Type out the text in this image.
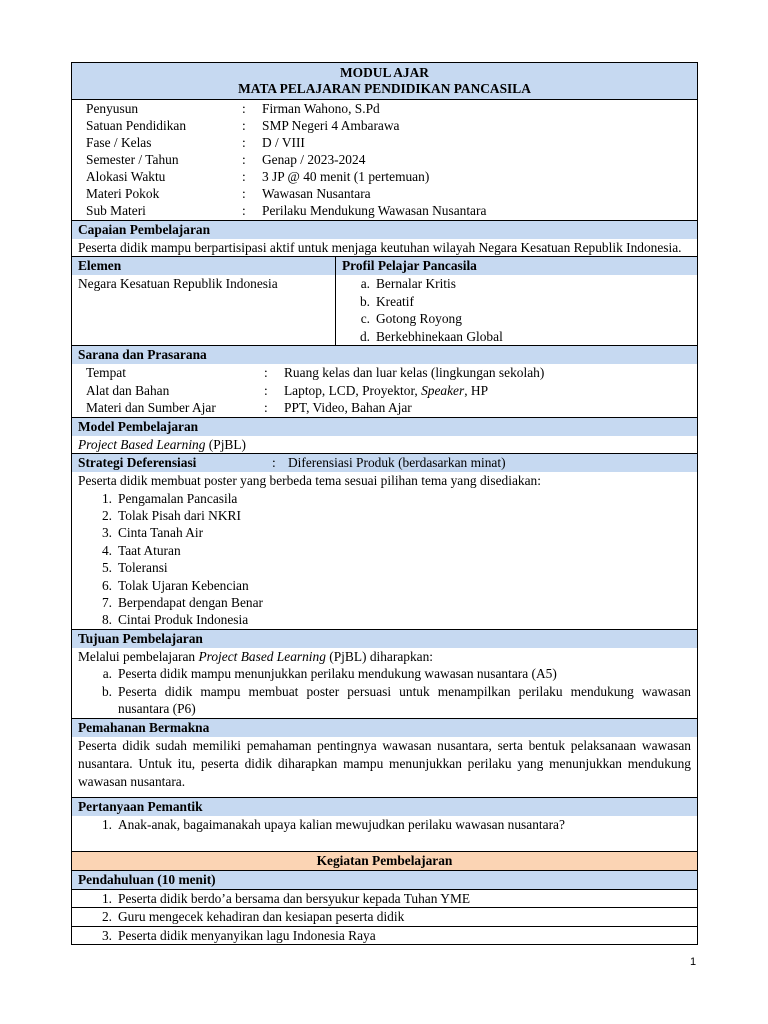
MODUL AJAR
MATA PELAJARAN PENDIDIKAN PANCASILA
Penyusun	:	Firman Wahono, S.Pd
Satuan Pendidikan	:	SMP Negeri 4 Ambarawa
Fase / Kelas	:	D / VIII
Semester / Tahun	:	Genap / 2023-2024
Alokasi Waktu	:	3 JP @ 40 menit (1 pertemuan)
Materi Pokok	:	Wawasan Nusantara
Sub Materi	:	Perilaku Mendukung Wawasan Nusantara
Capaian Pembelajaran
Peserta didik mampu berpartisipasi aktif untuk menjaga keutuhan wilayah Negara Kesatuan Republik Indonesia.
Elemen	Profil Pelajar Pancasila
Negara Kesatuan Republik Indonesia	a. Bernalar Kritis
b. Kreatif
c. Gotong Royong
d. Berkebhinekaan Global
Sarana dan Prasarana
Tempat	:	Ruang kelas dan luar kelas (lingkungan sekolah)
Alat dan Bahan	:	Laptop, LCD, Proyektor, Speaker, HP
Materi dan Sumber Ajar	:	PPT, Video, Bahan Ajar
Model Pembelajaran
Project Based Learning (PjBL)
Strategi Deferensiasi	: Diferensiasi Produk (berdasarkan minat)
Peserta didik membuat poster yang berbeda tema sesuai pilihan tema yang disediakan:
1. Pengamalan Pancasila
2. Tolak Pisah dari NKRI
3. Cinta Tanah Air
4. Taat Aturan
5. Toleransi
6. Tolak Ujaran Kebencian
7. Berpendapat dengan Benar
8. Cintai Produk Indonesia
Tujuan Pembelajaran
Melalui pembelajaran Project Based Learning (PjBL) diharapkan:
a. Peserta didik mampu menunjukkan perilaku mendukung wawasan nusantara (A5)
b. Peserta didik mampu membuat poster persuasi untuk menampilkan perilaku mendukung wawasan nusantara (P6)
Pemahanan Bermakna
Peserta didik sudah memiliki pemahaman pentingnya wawasan nusantara, serta bentuk pelaksanaan wawasan nusantara. Untuk itu, peserta didik diharapkan mampu menunjukkan perilaku yang menunjukkan mendukung wawasan nusantara.
Pertanyaan Pemantik
1. Anak-anak, bagaimanakah upaya kalian mewujudkan perilaku wawasan nusantara?
Kegiatan Pembelajaran
Pendahuluan (10 menit)
1. Peserta didik berdo’a bersama dan bersyukur kepada Tuhan YME
2. Guru mengecek kehadiran dan kesiapan peserta didik
3. Peserta didik menyanyikan lagu Indonesia Raya
1
